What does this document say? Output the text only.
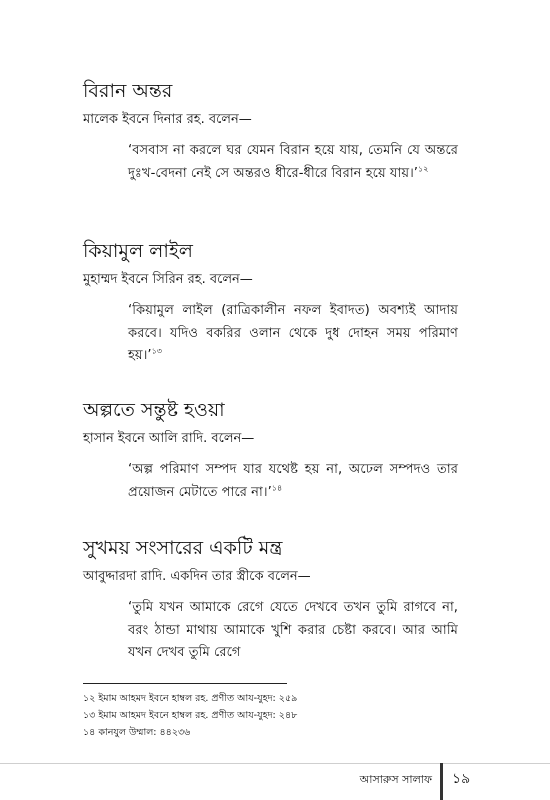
বিরান অন্তর
মালেক ইবনে দিনার রহ. বলেন—
‘বসবাস না করলে ঘর যেমন বিরান হয়ে যায়, তেমনি যে অন্তরে দুঃখ-বেদনা নেই সে অন্তরও ধীরে-ধীরে বিরান হয়ে যায়।’$^{১২}$
কিয়ামুল লাইল
মুহাম্মদ ইবনে সিরিন রহ. বলেন—
‘কিয়ামুল লাইল (রাত্রিকালীন নফল ইবাদত) অবশ্যই আদায় করবে। যদিও বকরির ওলান থেকে দুধ দোহন সময় পরিমাণ হয়।’$^{১৩}$
অল্পতে সন্তুষ্ট হওয়া
হাসান ইবনে আলি রাদি. বলেন—
‘অল্প পরিমাণ সম্পদ যার যথেষ্ট হয় না, অঢেল সম্পদও তার প্রয়োজন মেটাতে পারে না।’$^{১৪}$
সুখময় সংসারের একটি মন্ত্র
আবুদ্দারদা রাদি. একদিন তার স্ত্রীকে বলেন—
‘তুমি যখন আমাকে রেগে যেতে দেখবে তখন তুমি রাগবে না, বরং ঠান্ডা মাথায় আমাকে খুশি করার চেষ্টা করবে। আর আমি যখন দেখব তুমি রেগে
১২ ইমাম আহমদ ইবনে হাম্বল রহ. প্রণীত আয-যুহদ: ২৫৯
১৩ ইমাম আহমদ ইবনে হাম্বল রহ. প্রণীত আয-যুহদ: ২৪৮
১৪ কানযুল উম্মাল: ৪৪২৩৬
আসারুস সালাফ ১৯
